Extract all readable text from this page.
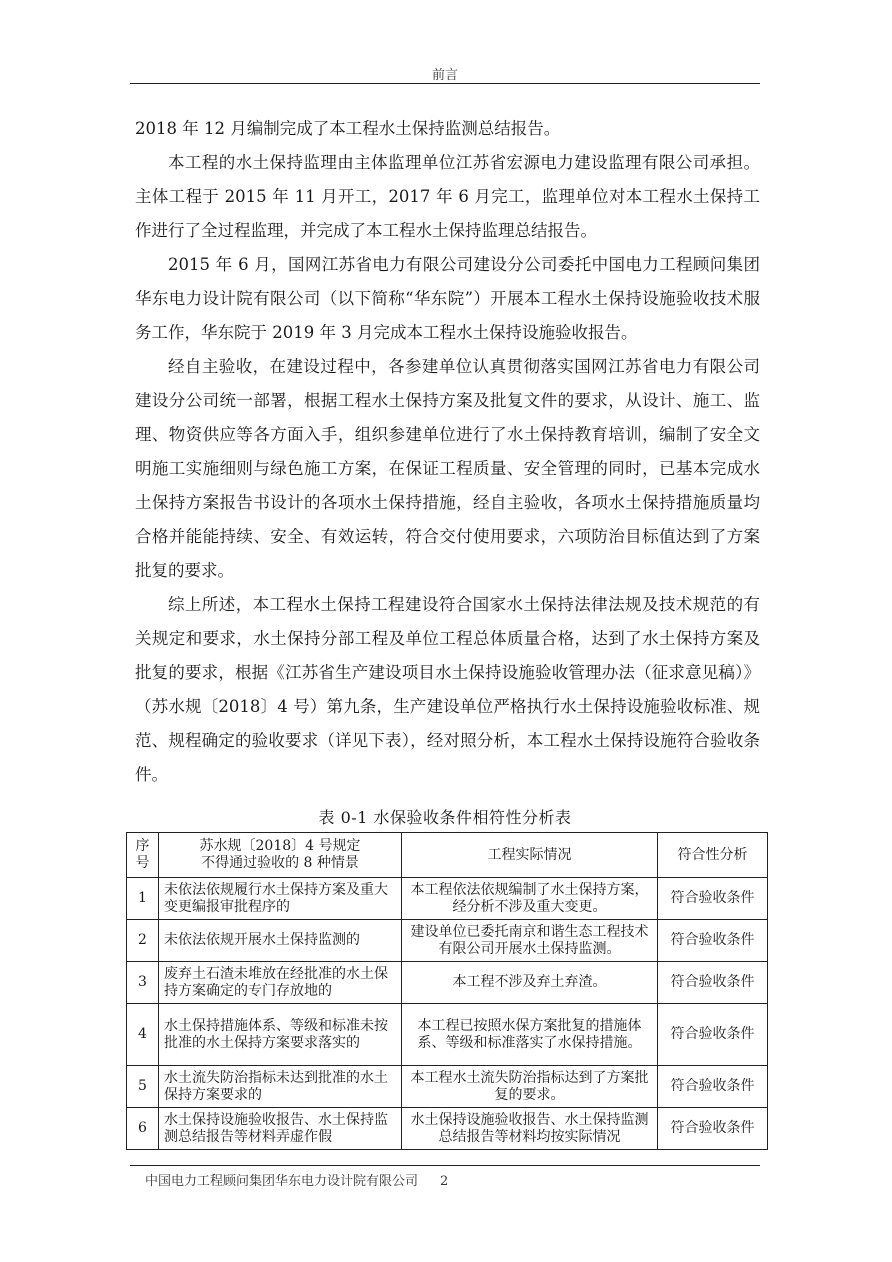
前言

2018 年 12 月编制完成了本工程水土保持监测总结报告。

本工程的水土保持监理由主体监理单位江苏省宏源电力建设监理有限公司承担。主体工程于 2015 年 11 月开工，2017 年 6 月完工，监理单位对本工程水土保持工作进行了全过程监理，并完成了本工程水土保持监理总结报告。

2015 年 6 月，国网江苏省电力有限公司建设分公司委托中国电力工程顾问集团华东电力设计院有限公司（以下简称“华东院”）开展本工程水土保持设施验收技术服务工作，华东院于 2019 年 3 月完成本工程水土保持设施验收报告。

经自主验收，在建设过程中，各参建单位认真贯彻落实国网江苏省电力有限公司建设分公司统一部署，根据工程水土保持方案及批复文件的要求，从设计、施工、监理、物资供应等各方面入手，组织参建单位进行了水土保持教育培训，编制了安全文明施工实施细则与绿色施工方案，在保证工程质量、安全管理的同时，已基本完成水土保持方案报告书设计的各项水土保持措施，经自主验收，各项水土保持措施质量均合格并能能持续、安全、有效运转，符合交付使用要求，六项防治目标值达到了方案批复的要求。

综上所述，本工程水土保持工程建设符合国家水土保持法律法规及技术规范的有关规定和要求，水土保持分部工程及单位工程总体质量合格，达到了水土保持方案及批复的要求，根据《江苏省生产建设项目水土保持设施验收管理办法（征求意见稿）》（苏水规〔2018〕4 号）第九条，生产建设单位严格执行水土保持设施验收标准、规范、规程确定的验收要求（详见下表），经对照分析，本工程水土保持设施符合验收条件。

表 0-1 水保验收条件相符性分析表
序号	苏水规〔2018〕4 号规定
不得通过验收的 8 种情景	工程实际情况	符合性分析
1	未依法依规履行水土保持方案及重大变更编报审批程序的	本工程依法依规编制了水土保持方案，经分析不涉及重大变更。	符合验收条件
2	未依法依规开展水土保持监测的	建设单位已委托南京和谐生态工程技术有限公司开展水土保持监测。	符合验收条件
3	废弃土石渣未堆放在经批准的水土保持方案确定的专门存放地的	本工程不涉及弃土弃渣。	符合验收条件
4	水土保持措施体系、等级和标准未按批准的水土保持方案要求落实的	本工程已按照水保方案批复的措施体系、等级和标准落实了水保持措施。	符合验收条件
5	水土流失防治指标未达到批准的水土保持方案要求的	本工程水土流失防治指标达到了方案批复的要求。	符合验收条件
6	水土保持设施验收报告、水土保持监测总结报告等材料弄虚作假	水土保持设施验收报告、水土保持监测总结报告等材料均按实际情况	符合验收条件
中国电力工程顾问集团华东电力设计院有限公司 2
